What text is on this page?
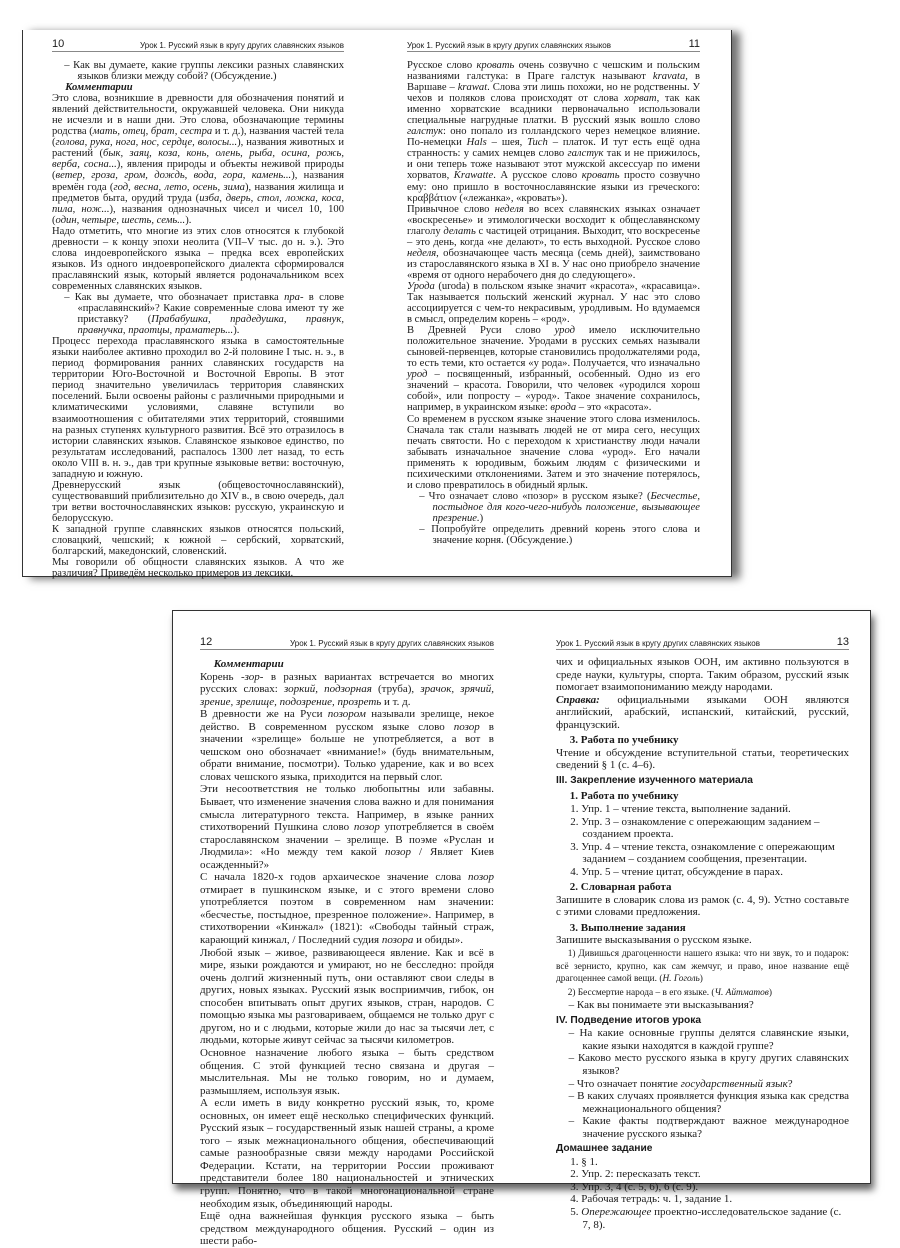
10	Урок 1. Русский язык в кругу других славянских языков
– Как вы думаете, какие группы лексики разных славянских языков близки между собой? (Обсуждение.)
Комментарии
Это слова, возникшие в древности для обозначения понятий и явлений действительности, окружавшей человека. Они никуда не исчезли и в наши дни. Это слова, обозначающие термины родства (мать, отец, брат, сестра и т. д.), названия частей тела (голова, рука, нога, нос, сердце, волосы...), названия животных и растений (бык, заяц, коза, конь, олень, рыба, осина, рожь, верба, сосна...), явления природы и объекты неживой природы (ветер, гроза, гром, дождь, вода, гора, камень...), названия времён года (год, весна, лето, осень, зима), названия жилища и предметов быта, орудий труда (изба, дверь, стол, ложка, коса, пила, нож...), названия однозначных чисел и чисел 10, 100 (один, четыре, шесть, семь...).
Надо отметить, что многие из этих слов относятся к глубокой древности – к концу эпохи неолита (VII–V тыс. до н. э.). Это слова индоевропейского языка – предка всех европейских языков. Из одного индоевропейского диалекта сформировался праславянский язык, который является родоначальником всех современных славянских языков.
– Как вы думаете, что обозначает приставка пра- в слове «праславянский»? Какие современные слова имеют ту же приставку? (Прабабушка, прадедушка, правнук, правнучка, праотцы, праматерь...).
Процесс перехода праславянского языка в самостоятельные языки наиболее активно проходил во 2-й половине I тыс. н. э., в период формирования ранних славянских государств на территории Юго-Восточной и Восточной Европы. В этот период значительно увеличилась территория славянских поселений. Были освоены районы с различными природными и климатическими условиями, славяне вступили во взаимоотношения с обитателями этих территорий, стоявшими на разных ступенях культурного развития. Всё это отразилось в истории славянских языков. Славянское языковое единство, по результатам исследований, распалось 1300 лет назад, то есть около VIII в. н. э., дав три крупные языковые ветви: восточную, западную и южную.
Древнерусский язык (общевосточнославянский), существовавший приблизительно до XIV в., в свою очередь, дал три ветви восточнославянских языков: русскую, украинскую и белорусскую.
К западной группе славянских языков относятся польский, словацкий, чешский; к южной – сербский, хорватский, болгарский, македонский, словенский.
Мы говорили об общности славянских языков. А что же различия? Приведём несколько примеров из лексики.
Урок 1. Русский язык в кругу других славянских языков	11
Русское слово кровать очень созвучно с чешским и польским названиями галстука: в Праге галстук называют kravata, в Варшаве – krawat. Слова эти лишь похожи, но не родственны. У чехов и поляков слова происходят от слова хорват, так как именно хорватские всадники первоначально использовали специальные нагрудные платки. В русский язык вошло слово галстук: оно попало из голландского через немецкое влияние. По-немецки Hals – шея, Tuch – платок. И тут есть ещё одна странность: у самих немцев слово галстук так и не прижилось, и они теперь тоже называют этот мужской аксессуар по имени хорватов, Krawatte. А русское слово кровать просто созвучно ему: оно пришло в восточнославянские языки из греческого: κραββάτιον («лежанка», «кровать»).
Привычное слово неделя во всех славянских языках означает «воскресенье» и этимологически восходит к общеславянскому глаголу делать с частицей отрицания. Выходит, что воскресенье – это день, когда «не делают», то есть выходной. Русское слово неделя, обозначающее часть месяца (семь дней), заимствовано из старославянского языка в XI в. У нас оно приобрело значение «время от одного нерабочего дня до следующего».
Урода (uroda) в польском языке значит «красота», «красавица». Так называется польский женский журнал. У нас это слово ассоциируется с чем-то некрасивым, уродливым. Но вдумаемся в смысл, определим корень – «род».
В Древней Руси слово урод имело исключительно положительное значение. Уродами в русских семьях называли сыновей-первенцев, которые становились продолжателями рода, то есть теми, кто остается «у рода». Получается, что изначально урод – посвященный, избранный, особенный. Одно из его значений – красота. Говорили, что человек «уродился хорош собой», или попросту – «урод». Такое значение сохранилось, например, в украинском языке: врода – это «красота».
Со временем в русском языке значение этого слова изменилось. Сначала так стали называть людей не от мира сего, несущих печать святости. Но с переходом к христианству люди начали забывать изначальное значение слова «урод». Его начали применять к юродивым, божьим людям с физическими и психическими отклонениями. Затем и это значение потерялось, и слово превратилось в обидный ярлык.
– Что означает слово «позор» в русском языке? (Бесчестье, постыдное для кого-чего-нибудь положение, вызывающее презрение.)
– Попробуйте определить древний корень этого слова и значение корня. (Обсуждение.)
12	Урок 1. Русский язык в кругу других славянских языков
Комментарии
Корень -зор- в разных вариантах встречается во многих русских словах: зоркий, подзорная (труба), зрачок, зрячий, зрение, зрелище, подозрение, прозреть и т. д.
В древности же на Руси позором называли зрелище, некое действо. В современном русском языке слово позор в значении «зрелище» больше не употребляется, а вот в чешском оно обозначает «внимание!» (будь внимательным, обрати внимание, посмотри). Только ударение, как и во всех словах чешского языка, приходится на первый слог.
Эти несоответствия не только любопытны или забавны. Бывает, что изменение значения слова важно и для понимания смысла литературного текста. Например, в языке ранних стихотворений Пушкина слово позор употребляется в своём старославянском значении – зрелище. В поэме «Руслан и Людмила»: «Но между тем какой позор / Являет Киев осажденный?»
С начала 1820-х годов архаическое значение слова позор отмирает в пушкинском языке, и с этого времени слово употребляется поэтом в современном нам значении: «бесчестье, постыдное, презренное положение». Например, в стихотворении «Кинжал» (1821): «Свободы тайный страж, карающий кинжал, / Последний судия позора и обиды».
Любой язык – живое, развивающееся явление. Как и всё в мире, языки рождаются и умирают, но не бесследно: пройдя очень долгий жизненный путь, они оставляют свои следы в других, новых языках. Русский язык восприимчив, гибок, он способен впитывать опыт других языков, стран, народов. С помощью языка мы разговариваем, общаемся не только друг с другом, но и с людьми, которые жили до нас за тысячи лет, с людьми, которые живут сейчас за тысячи километров.
Основное назначение любого языка – быть средством общения. С этой функцией тесно связана и другая – мыслительная. Мы не только говорим, но и думаем, размышляем, используя язык.
А если иметь в виду конкретно русский язык, то, кроме основных, он имеет ещё несколько специфических функций. Русский язык – государственный язык нашей страны, а кроме того – язык межнационального общения, обеспечивающий самые разнообразные связи между народами Российской Федерации. Кстати, на территории России проживают представители более 180 национальностей и этнических групп. Понятно, что в такой многонациональной стране необходим язык, объединяющий народы.
Ещё одна важнейшая функция русского языка – быть средством международного общения. Русский – один из шести рабо-
Урок 1. Русский язык в кругу других славянских языков	13
чих и официальных языков ООН, им активно пользуются в среде науки, культуры, спорта. Таким образом, русский язык помогает взаимопониманию между народами.
Справка: официальными языками ООН являются английский, арабский, испанский, китайский, русский, французский.
3. Работа по учебнику
Чтение и обсуждение вступительной статьи, теоретических сведений § 1 (с. 4–6).
III. Закрепление изученного материала
1. Работа по учебнику
1. Упр. 1 – чтение текста, выполнение заданий.
2. Упр. 3 – ознакомление с опережающим заданием – созданием проекта.
3. Упр. 4 – чтение текста, ознакомление с опережающим заданием – созданием сообщения, презентации.
4. Упр. 5 – чтение цитат, обсуждение в парах.
2. Словарная работа
Запишите в словарик слова из рамок (с. 4, 9). Устно составьте с этими словами предложения.
3. Выполнение задания
Запишите высказывания о русском языке.
1) Дивишься драгоценности нашего языка: что ни звук, то и подарок: всё зернисто, крупно, как сам жемчуг, и право, иное название ещё драгоценнее самой вещи. (Н. Гоголь)
2) Бессмертие народа – в его языке. (Ч. Айтматов)
– Как вы понимаете эти высказывания?
IV. Подведение итогов урока
– На какие основные группы делятся славянские языки, какие языки находятся в каждой группе?
– Каково место русского языка в кругу других славянских языков?
– Что означает понятие государственный язык?
– В каких случаях проявляется функция языка как средства межнационального общения?
– Какие факты подтверждают важное международное значение русского языка?
Домашнее задание
1. § 1.
2. Упр. 2: пересказать текст.
3. Упр. 3, 4 (с. 5, 6), 6 (с. 9).
4. Рабочая тетрадь: ч. 1, задание 1.
5. Опережающее проектно-исследовательское задание (с. 7, 8).
